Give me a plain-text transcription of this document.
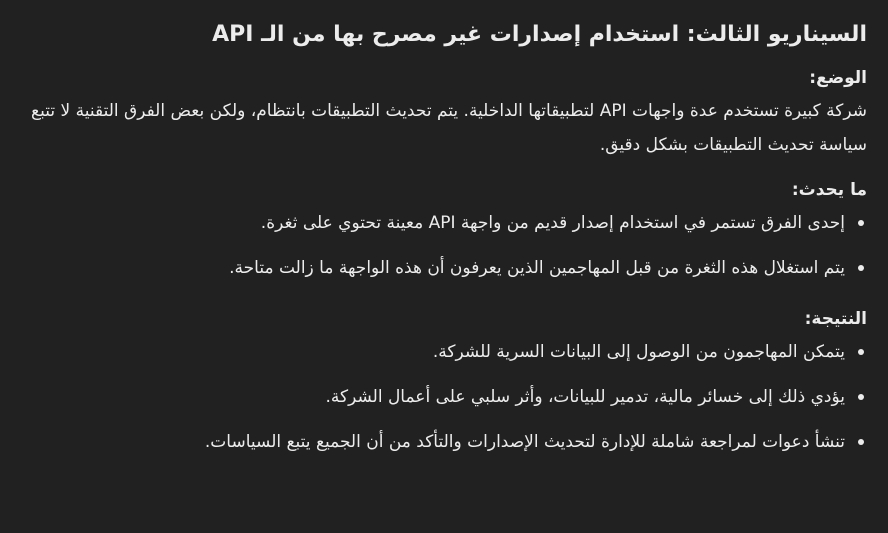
السيناريو الثالث: استخدام إصدارات غير مصرح بها من الـ API
الوضع:
شركة كبيرة تستخدم عدة واجهات API لتطبيقاتها الداخلية. يتم تحديث التطبيقات بانتظام، ولكن بعض الفرق التقنية لا تتبع سياسة تحديث التطبيقات بشكل دقيق.
ما يحدث:
إحدى الفرق تستمر في استخدام إصدار قديم من واجهة API معينة تحتوي على ثغرة.
يتم استغلال هذه الثغرة من قبل المهاجمين الذين يعرفون أن هذه الواجهة ما زالت متاحة.
النتيجة:
يتمكن المهاجمون من الوصول إلى البيانات السرية للشركة.
يؤدي ذلك إلى خسائر مالية، تدمير للبيانات، وأثر سلبي على أعمال الشركة.
تنشأ دعوات لمراجعة شاملة للإدارة لتحديث الإصدارات والتأكد من أن الجميع يتبع السياسات.
